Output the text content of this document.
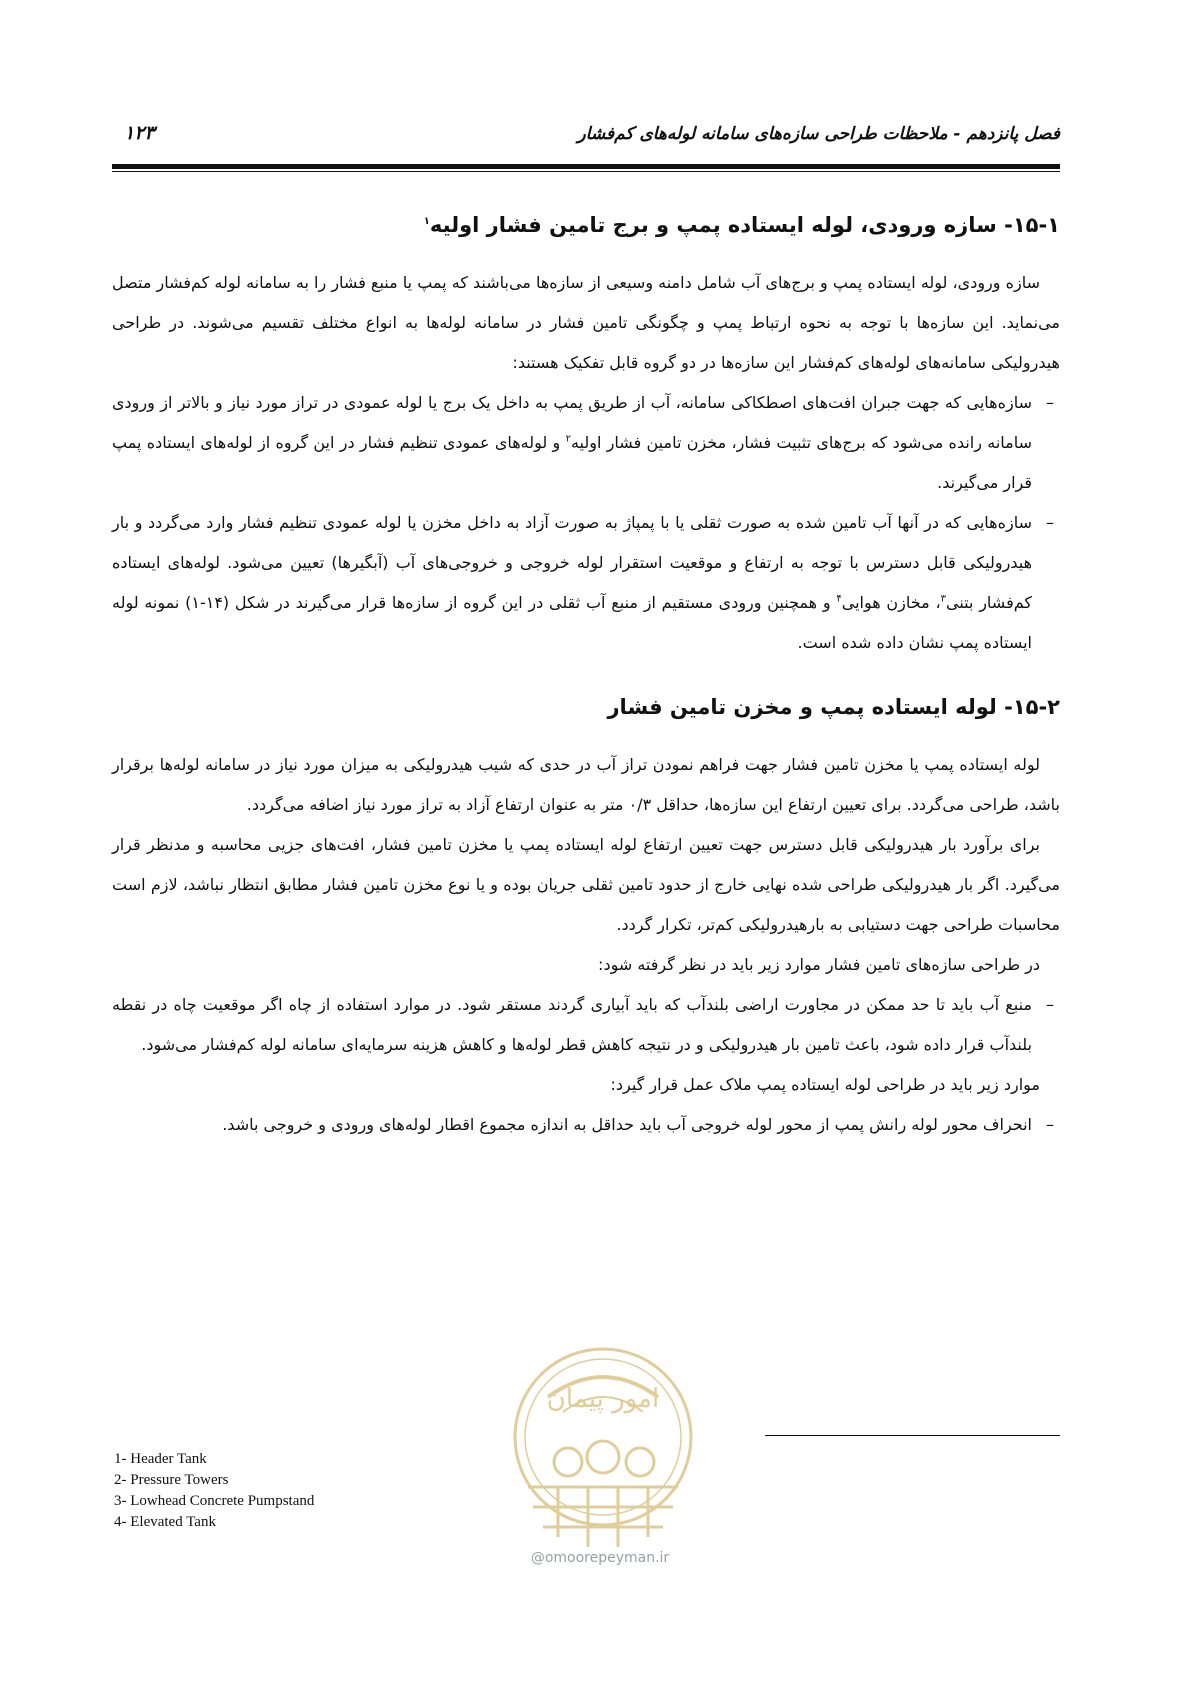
فصل پانزدهم - ملاحظات طراحی سازه‌های سامانه لوله‌های کم‌فشار
۱۲۳
۱۵-۱- سازه ورودی، لوله ایستاده پمپ و برج تامین فشار اولیه$^۱$

سازه ورودی، لوله ایستاده پمپ و برج‌های آب شامل دامنه وسیعی از سازه‌ها می‌باشند که پمپ یا منبع فشار را به سامانه لوله کم‌فشار متصل می‌نماید. این سازه‌ها با توجه به نحوه ارتباط پمپ و چگونگی تامین فشار در سامانه لوله‌ها به انواع مختلف تقسیم می‌شوند. در طراحی هیدرولیکی سامانه‌های لوله‌های کم‌فشار این سازه‌ها در دو گروه قابل تفکیک هستند:

–
سازه‌هایی که جهت جبران افت‌های اصطکاکی سامانه، آب از طریق پمپ به داخل یک برج یا لوله عمودی در تراز مورد نیاز و بالاتر از ورودی سامانه رانده می‌شود که برج‌های تثبیت فشار، مخزن تامین فشار اولیه$^۲$ و لوله‌های عمودی تنظیم فشار در این گروه از لوله‌های ایستاده پمپ قرار می‌گیرند.

–
سازه‌هایی که در آنها آب تامین شده به صورت ثقلی یا با پمپاژ به صورت آزاد به داخل مخزن یا لوله عمودی تنظیم فشار وارد می‌گردد و بار هیدرولیکی قابل دسترس با توجه به ارتفاع و موقعیت استقرار لوله خروجی و خروجی‌های آب (آبگیرها) تعیین می‌شود. لوله‌های ایستاده کم‌فشار بتنی$^۳$، مخازن هوایی$^۴$ و همچنین ورودی مستقیم از منبع آب ثقلی در این گروه از سازه‌ها قرار می‌گیرند در شکل (۱۴-۱) نمونه لوله ایستاده پمپ نشان داده شده است.

۱۵-۲- لوله ایستاده پمپ و مخزن تامین فشار

لوله ایستاده پمپ یا مخزن تامین فشار جهت فراهم نمودن تراز آب در حدی که شیب هیدرولیکی به میزان مورد نیاز در سامانه لوله‌ها برقرار باشد، طراحی می‌گردد. برای تعیین ارتفاع این سازه‌ها، حداقل ۰/۳ متر به عنوان ارتفاع آزاد به تراز مورد نیاز اضافه می‌گردد.

برای برآورد بار هیدرولیکی قابل دسترس جهت تعیین ارتفاع لوله ایستاده پمپ یا مخزن تامین فشار، افت‌های جزیی محاسبه و مدنظر قرار می‌گیرد. اگر بار هیدرولیکی طراحی شده نهایی خارج از حدود تامین ثقلی جریان بوده و یا نوع مخزن تامین فشار مطابق انتظار نباشد، لازم است محاسبات طراحی جهت دستیابی به بارهیدرولیکی کم‌تر، تکرار گردد.

در طراحی سازه‌های تامین فشار موارد زیر باید در نظر گرفته شود:

–
منبع آب باید تا حد ممکن در مجاورت اراضی بلندآب که باید آبیاری گردند مستقر شود. در موارد استفاده از چاه اگر موقعیت چاه در نقطه بلندآب قرار داده شود، باعث تامین بار هیدرولیکی و در نتیجه کاهش قطر لوله‌ها و کاهش هزینه سرمایه‌ای سامانه لوله کم‌فشار می‌شود.

موارد زیر باید در طراحی لوله ایستاده پمپ ملاک عمل قرار گیرد:

–
انحراف محور لوله رانش پمپ از محور لوله خروجی آب باید حداقل به اندازه مجموع اقطار لوله‌های ورودی و خروجی باشد.

امور پیمان
@omoorepeyman.ir
1- Header Tank
2- Pressure Towers
3- Lowhead Concrete Pumpstand
4- Elevated Tank
